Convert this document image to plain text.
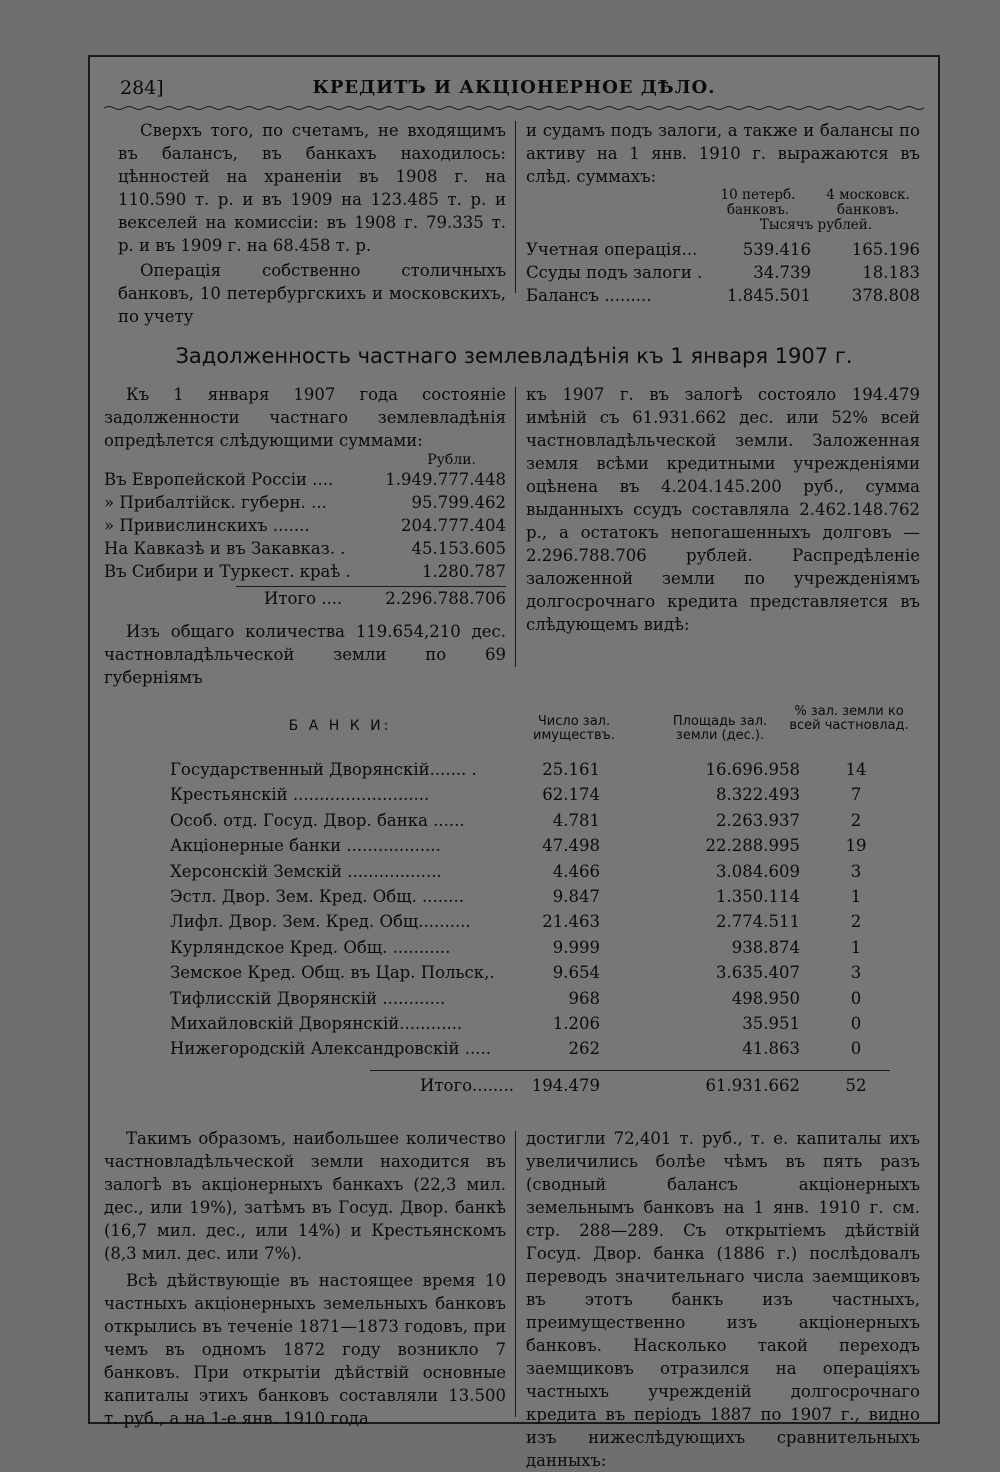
284]	КРЕДИТЪ И АКЦІОНЕРНОЕ ДѢЛО.

Сверхъ того, по счетамъ, не входящимъ въ балансъ, въ банкахъ находилось: цѣнностей на храненіи въ 1908 г. на 110.590 т. р. и въ 1909 на 123.485 т. р. и векселей на комиссіи: въ 1908 г. 79.335 т. р. и въ 1909 г. на 68.458 т. р.

Операція собственно столичныхъ банковъ, 10 петербургскихъ и московскихъ, по учету

и судамъ подъ залоги, а также и балансы по активу на 1 янв. 1910 г. выражаются въ слѣд. суммахъ:

10 петерб. банковъ.
4 московск. банковъ.
Тысячъ рублей.
Учетная операція...	539.416	165.196
Ссуды подъ залоги .	34.739	18.183
Балансъ .........	1.845.501	378.808
Задолженность частнаго землевладѣнія къ 1 января 1907 г.

Къ 1 января 1907 года состояніе задолженности частнаго землевладѣнія опредѣлется слѣдующими суммами:

Рубли.
Въ Европейской Россіи ....	1.949.777.448
» Прибалтійск. губерн. ...	95.799.462
» Привислинскихъ .......	204.777.404
На Кавказѣ и въ Закавказ. .	45.153.605
Въ Сибири и Туркест. краѣ .	1.280.787
Итого ....	2.296.788.706

Изъ общаго количества 119.654,210 дес. частновладѣльческой земли по 69 губерніямъ

къ 1907 г. въ залогѣ состояло 194.479 имѣній съ 61.931.662 дес. или 52% всей частновладѣльческой земли. Заложенная земля всѣми кредитными учрежденіями оцѣнена въ 4.204.145.200 руб., сумма выданныхъ ссудъ составляла 2.462.148.762 р., а остатокъ непогашенныхъ долговъ — 2.296.788.706 рублей. Распредѣленіе заложенной земли по учрежденіямъ долгосрочнаго кредита представляется въ слѣдующемъ видѣ:

Б А Н К И:	Число зал. имуществъ.
Площадь зал. земли (дес.).
% зал. земли ко всей частновлад.
Государственный Дворянскій....... .	25.161	16.696.958	14
Крестьянскій ..........................	62.174	8.322.493	7
Особ. отд. Госуд. Двор. банка ......	4.781	2.263.937	2
Акціонерные банки ..................	47.498	22.288.995	19
Херсонскій Земскій ..................	4.466	3.084.609	3
Эстл. Двор. Зем. Кред. Общ. ........	9.847	1.350.114	1
Лифл. Двор. Зем. Кред. Общ..........	21.463	2.774.511	2
Курляндское Кред. Общ. ...........	9.999	938.874	1
Земское Кред. Общ. въ Цар. Польск,.	9.654	3.635.407	3
Тифлисскій Дворянскій ............	968	498.950	0
Михайловскій Дворянскій............	1.206	35.951	0
Нижегородскій Александровскій .....	262	41.863	0
Итого........	194.479	61.931.662	52

Такимъ образомъ, наибольшее количество частновладѣльческой земли находится въ залогѣ въ акціонерныхъ банкахъ (22,3 мил. дес., или 19%), затѣмъ въ Госуд. Двор. банкѣ (16,7 мил. дес., или 14%) и Крестьянскомъ (8,3 мил. дес. или 7%).

Всѣ дѣйствующіе въ настоящее время 10 частныхъ акціонерныхъ земельныхъ банковъ открылись въ теченіе 1871—1873 годовъ, при чемъ въ одномъ 1872 году возникло 7 банковъ. При открытіи дѣйствій основные капиталы этихъ банковъ составляли 13.500 т. руб., а на 1-е янв. 1910 года

достигли 72,401 т. руб., т. е. капиталы ихъ увеличились болѣе чѣмъ въ пять разъ (сводный балансъ акціонерныхъ земельнымъ банковъ на 1 янв. 1910 г. см. стр. 288—289. Съ открытіемъ дѣйствій Госуд. Двор. банка (1886 г.) послѣдовалъ переводъ значительнаго числа заемщиковъ въ этотъ банкъ изъ частныхъ, преимущественно изъ акціонерныхъ банковъ. Насколько такой переходъ заемщиковъ отразился на операціяхъ частныхъ учрежденій долгосрочнаго кредита въ періодъ 1887 по 1907 г., видно изъ нижеслѣдующихъ сравнительныхъ данныхъ:
